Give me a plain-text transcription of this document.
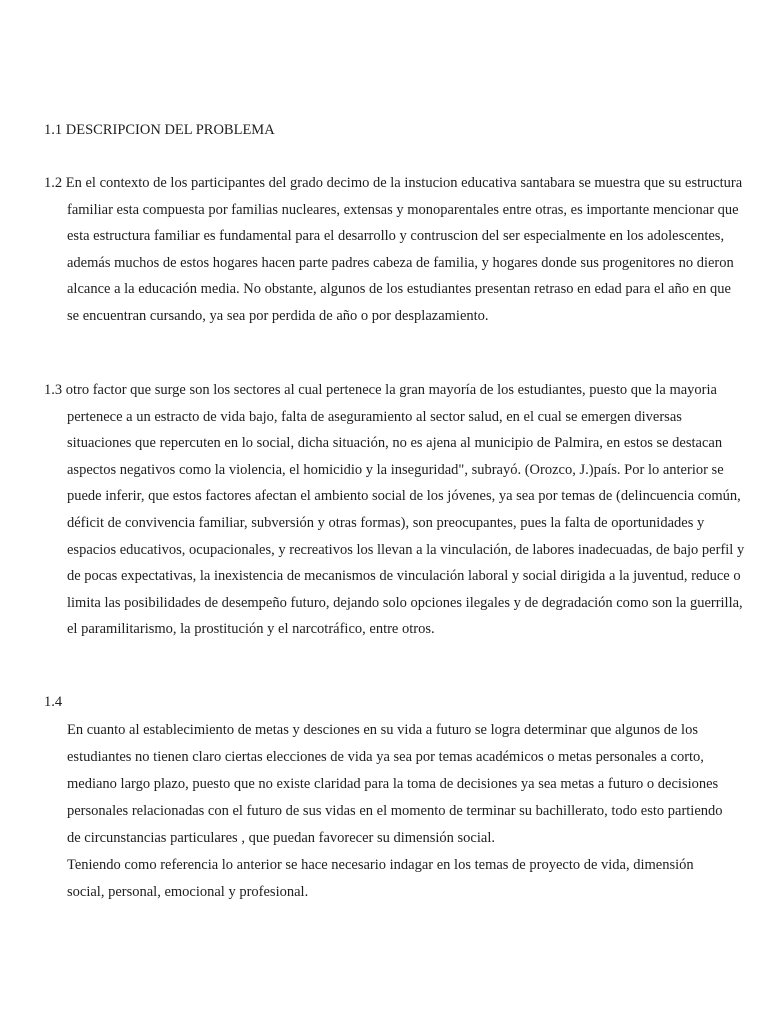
1.1 DESCRIPCION DEL PROBLEMA
1.2 En el contexto de los participantes del grado decimo de la instucion educativa santabara se muestra que su estructura familiar esta compuesta por familias nucleares, extensas y monoparentales entre otras, es importante mencionar que esta estructura familiar es fundamental para el desarrollo y contruscion del ser especialmente en los adolescentes, además muchos de estos hogares hacen parte padres cabeza de familia, y hogares donde sus progenitores no dieron alcance a la educación media. No obstante, algunos de los estudiantes presentan retraso en edad para el año en que se encuentran cursando, ya sea por perdida de año o por desplazamiento.
1.3 otro factor que surge son los sectores al cual pertenece la gran mayoría de los estudiantes, puesto que la mayoria pertenece a un estracto de vida bajo, falta de aseguramiento al sector salud, en el cual se emergen diversas situaciones que repercuten en lo social, dicha situación, no es ajena al municipio de Palmira, en estos se destacan aspectos negativos como la violencia, el homicidio y la inseguridad", subrayó. (Orozco, J.)país. Por lo anterior se puede inferir, que estos factores afectan el ambiento social de los jóvenes, ya sea por temas de (delincuencia común, déficit de convivencia familiar, subversión y otras formas), son preocupantes, pues la falta de oportunidades y espacios educativos, ocupacionales, y recreativos los llevan a la vinculación, de labores inadecuadas, de bajo perfil y de pocas expectativas, la inexistencia de mecanismos de vinculación laboral y social dirigida a la juventud, reduce o limita las posibilidades de desempeño futuro, dejando solo opciones ilegales y de degradación como son la guerrilla, el paramilitarismo, la prostitución y el narcotráfico, entre otros.
1.4

En cuanto al establecimiento de metas y desciones en su vida a futuro se logra determinar que algunos de los estudiantes no tienen claro ciertas elecciones de vida ya sea por temas académicos o metas personales a corto, mediano largo plazo, puesto que no existe claridad para la toma de decisiones ya sea metas a futuro o decisiones personales relacionadas con el futuro de sus vidas en el momento de terminar su bachillerato, todo esto partiendo de circunstancias particulares , que puedan favorecer su dimensión social.

Teniendo como referencia lo anterior se hace necesario indagar en los temas de proyecto de vida, dimensión social, personal, emocional y profesional.
